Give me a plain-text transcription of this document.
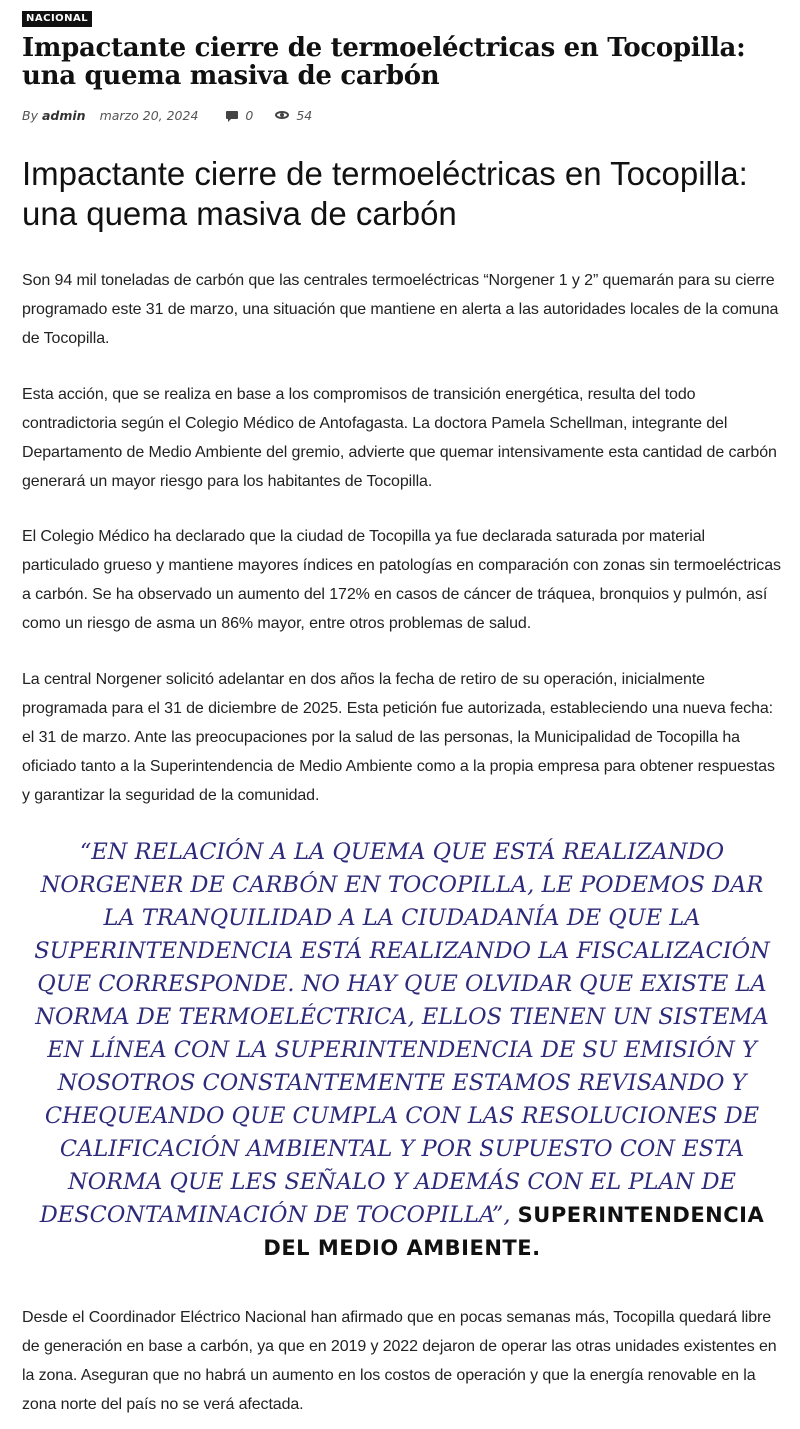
NACIONAL
Impactante cierre de termoeléctricas en Tocopilla: una quema masiva de carbón
By admin marzo 20, 2024	0	54
Impactante cierre de termoeléctricas en Tocopilla: una quema masiva de carbón

Son 94 mil toneladas de carbón que las centrales termoeléctricas “Norgener 1 y 2” quemarán para su cierre programado este 31 de marzo, una situación que mantiene en alerta a las autoridades locales de la comuna de Tocopilla.

Esta acción, que se realiza en base a los compromisos de transición energética, resulta del todo contradictoria según el Colegio Médico de Antofagasta. La doctora Pamela Schellman, integrante del Departamento de Medio Ambiente del gremio, advierte que quemar intensivamente esta cantidad de carbón generará un mayor riesgo para los habitantes de Tocopilla.

El Colegio Médico ha declarado que la ciudad de Tocopilla ya fue declarada saturada por material particulado grueso y mantiene mayores índices en patologías en comparación con zonas sin termoeléctricas a carbón. Se ha observado un aumento del 172% en casos de cáncer de tráquea, bronquios y pulmón, así como un riesgo de asma un 86% mayor, entre otros problemas de salud.

La central Norgener solicitó adelantar en dos años la fecha de retiro de su operación, inicialmente programada para el 31 de diciembre de 2025. Esta petición fue autorizada, estableciendo una nueva fecha: el 31 de marzo. Ante las preocupaciones por la salud de las personas, la Municipalidad de Tocopilla ha oficiado tanto a la Superintendencia de Medio Ambiente como a la propia empresa para obtener respuestas y garantizar la seguridad de la comunidad.

“EN RELACIÓN A LA QUEMA QUE ESTÁ REALIZANDO NORGENER DE CARBÓN EN TOCOPILLA, LE PODEMOS DAR LA TRANQUILIDAD A LA CIUDADANÍA DE QUE LA SUPERINTENDENCIA ESTÁ REALIZANDO LA FISCALIZACIÓN QUE CORRESPONDE. NO HAY QUE OLVIDAR QUE EXISTE LA NORMA DE TERMOELÉCTRICA, ELLOS TIENEN UN SISTEMA EN LÍNEA CON LA SUPERINTENDENCIA DE SU EMISIÓN Y NOSOTROS CONSTANTEMENTE ESTAMOS REVISANDO Y CHEQUEANDO QUE CUMPLA CON LAS RESOLUCIONES DE CALIFICACIÓN AMBIENTAL Y POR SUPUESTO CON ESTA NORMA QUE LES SEÑALO Y ADEMÁS CON EL PLAN DE DESCONTAMINACIÓN DE TOCOPILLA”, SUPERINTENDENCIA DEL MEDIO AMBIENTE.

Desde el Coordinador Eléctrico Nacional han afirmado que en pocas semanas más, Tocopilla quedará libre de generación en base a carbón, ya que en 2019 y 2022 dejaron de operar las otras unidades existentes en la zona. Aseguran que no habrá un aumento en los costos de operación y que la energía renovable en la zona norte del país no se verá afectada.
